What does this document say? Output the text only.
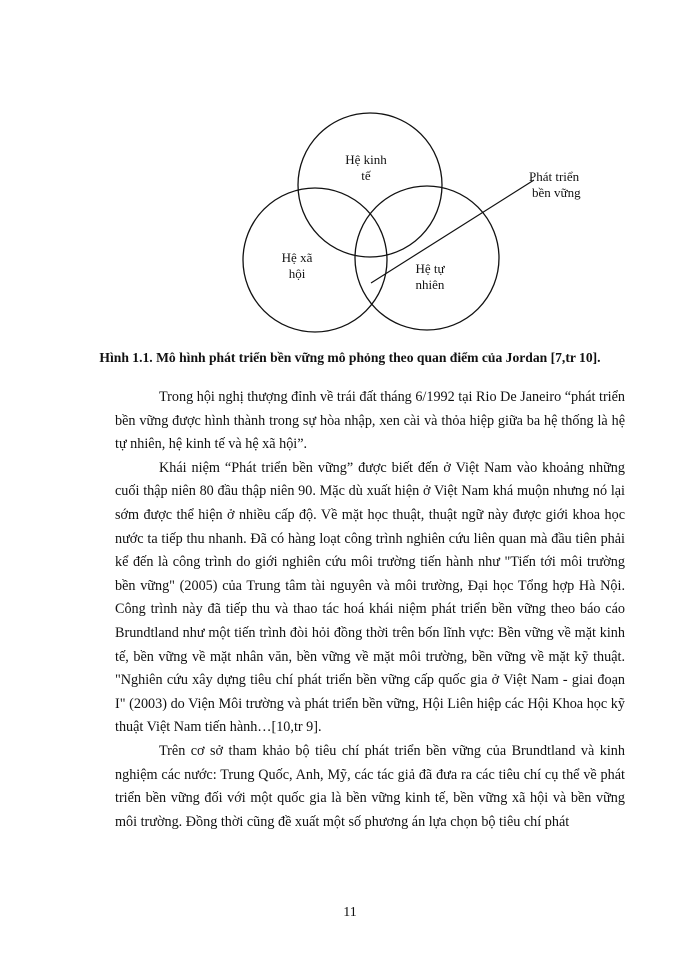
Hệ kinh
tế
Hệ xã
hội	Hệ tự
nhiên
Phát triển
bền vững
Hình 1.1. Mô hình phát triển bền vững mô phỏng theo quan điểm của Jordan [7,tr 10].

Trong hội nghị thượng đỉnh về trái đất tháng 6/1992 tại Rio De Janeiro “phát triển bền vững được hình thành trong sự hòa nhập, xen cài và thỏa hiệp giữa ba hệ thống là hệ tự nhiên, hệ kinh tế và hệ xã hội”.

Khái niệm “Phát triển bền vững” được biết đến ở Việt Nam vào khoảng những cuối thập niên 80 đầu thập niên 90. Mặc dù xuất hiện ở Việt Nam khá muộn nhưng nó lại sớm được thể hiện ở nhiều cấp độ. Về mặt học thuật, thuật ngữ này được giới khoa học nước ta tiếp thu nhanh. Đã có hàng loạt công trình nghiên cứu liên quan mà đầu tiên phải kể đến là công trình do giới nghiên cứu môi trường tiến hành như "Tiến tới môi trường bền vững" (2005) của Trung tâm tài nguyên và môi trường, Đại học Tổng hợp Hà Nội. Công trình này đã tiếp thu và thao tác hoá khái niệm phát triển bền vững theo báo cáo Brundtland như một tiến trình đòi hỏi đồng thời trên bốn lĩnh vực: Bền vững về mặt kinh tế, bền vững về mặt nhân văn, bền vững về mặt môi trường, bền vững về mặt kỹ thuật. "Nghiên cứu xây dựng tiêu chí phát triển bền vững cấp quốc gia ở Việt Nam - giai đoạn I" (2003) do Viện Môi trường và phát triển bền vững, Hội Liên hiệp các Hội Khoa học kỹ thuật Việt Nam tiến hành…[10,tr 9].

Trên cơ sở tham khảo bộ tiêu chí phát triển bền vững của Brundtland và kinh nghiệm các nước: Trung Quốc, Anh, Mỹ, các tác giả đã đưa ra các tiêu chí cụ thể về phát triển bền vững đối với một quốc gia là bền vững kinh tế, bền vững xã hội và bền vững môi trường. Đồng thời cũng đề xuất một số phương án lựa chọn bộ tiêu chí phát

11
